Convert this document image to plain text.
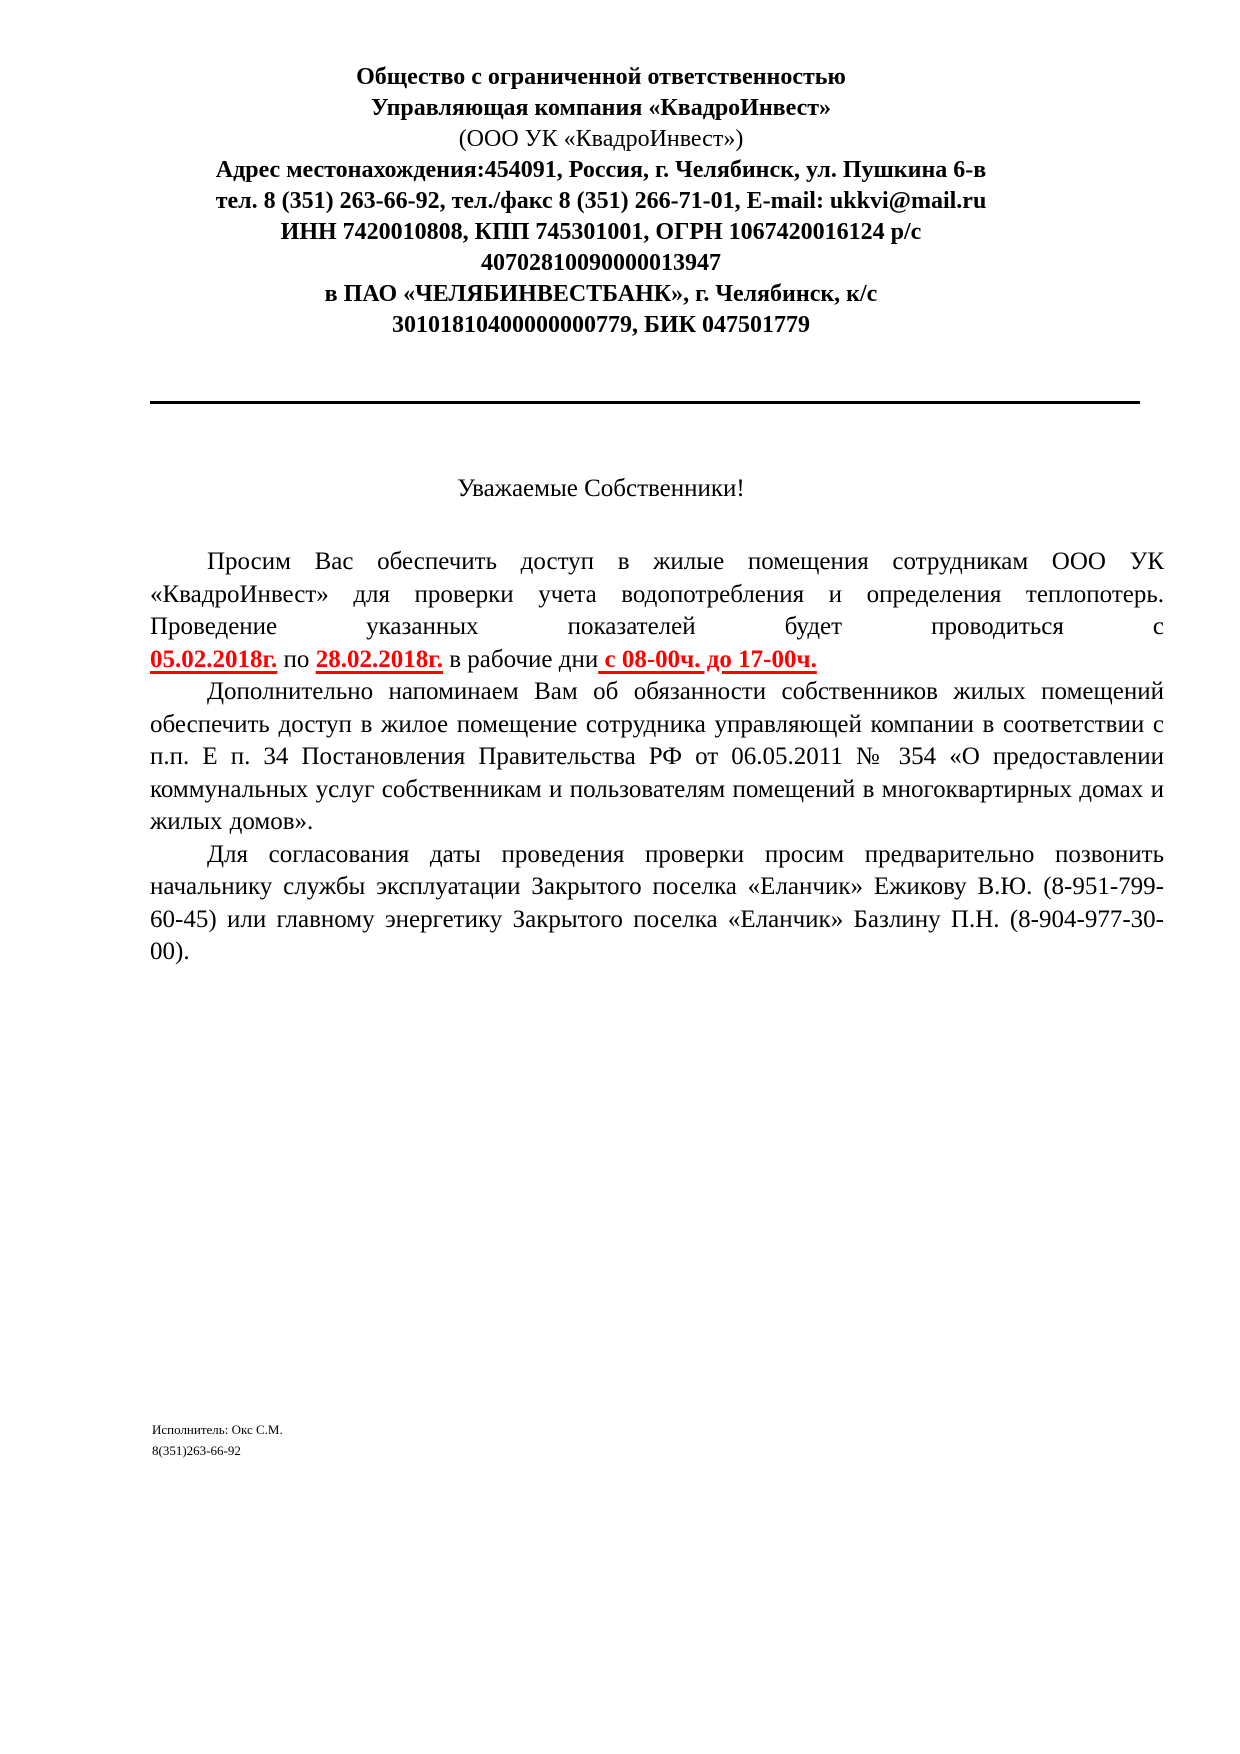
Общество с ограниченной ответственностью
Управляющая компания «КвадроИнвест»
(ООО УК «КвадроИнвест»)
Адрес местонахождения:454091, Россия, г. Челябинск, ул. Пушкина 6-в
тел. 8 (351) 263-66-92, тел./факс 8 (351) 266-71-01, E-mail: ukkvi@mail.ru
ИНН 7420010808, КПП 745301001, ОГРН 1067420016124 р/с
40702810090000013947
в ПАО «ЧЕЛЯБИНВЕСТБАНК», г. Челябинск, к/с
30101810400000000779, БИК 047501779
Уважаемые Собственники!

Просим Вас обеспечить доступ в жилые помещения сотрудникам ООО УК «КвадроИнвест» для проверки учета водопотребления и определения теплопотерь. Проведение указанных показателей будет проводиться с

05.02.2018г. по 28.02.2018г. в рабочие дни с 08-00ч. до 17-00ч.

Дополнительно напоминаем Вам об обязанности собственников жилых помещений обеспечить доступ в жилое помещение сотрудника управляющей компании в соответствии с п.п. Е п. 34 Постановления Правительства РФ от 06.05.2011 № 354 «О предоставлении коммунальных услуг собственникам и пользователям помещений в многоквартирных домах и жилых домов».

Для согласования даты проведения проверки просим предварительно позвонить начальнику службы эксплуатации Закрытого поселка «Еланчик» Ежикову В.Ю. (8-951-799-60-45) или главному энергетику Закрытого поселка «Еланчик» Базлину П.Н. (8-904-977-30-00).

Исполнитель: Окс С.М.
8(351)263-66-92
